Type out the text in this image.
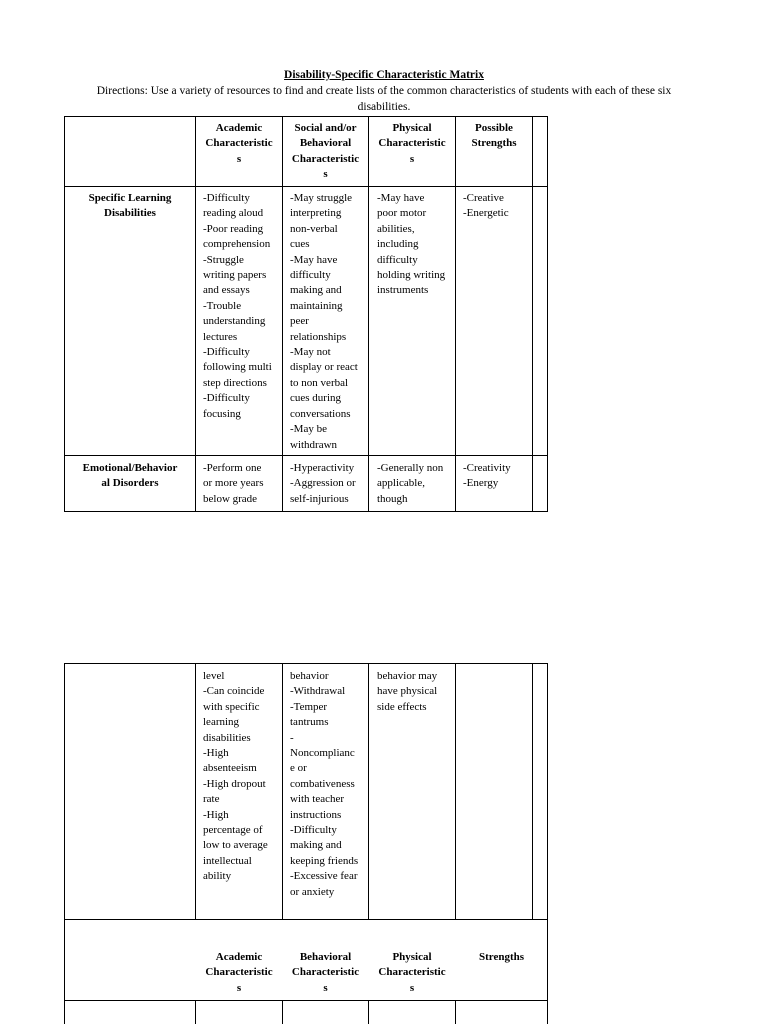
Disability-Specific Characteristic Matrix
Directions: Use a variety of resources to find and create lists of the common characteristics of students with each of these six disabilities.
Academic
Characteristic
s
Social and/or
Behavioral
Characteristic
s
Physical
Characteristic
s
Possible
Strengths
Specific Learning
Disabilities
-Difficulty
reading aloud
-Poor reading
comprehension
-Struggle
writing papers
and essays
-Trouble
understanding
lectures
-Difficulty
following multi
step directions
-Difficulty
focusing
-May struggle
interpreting
non-verbal
cues
-May have
difficulty
making and
maintaining
peer
relationships
-May not
display or react
to non verbal
cues during
conversations
-May be
withdrawn
-May have
poor motor
abilities,
including
difficulty
holding writing
instruments
-Creative
-Energetic
Emotional/Behavior
al Disorders
-Perform one
or more years
below grade
-Hyperactivity
-Aggression or
self-injurious
-Generally non
applicable,
though
-Creativity
-Energy
level
-Can coincide
with specific
learning
disabilities
-High
absenteeism
-High dropout
rate
-High
percentage of
low to average
intellectual
ability
behavior
-Withdrawal
-Temper
tantrums
-
Noncomplianc
e or
combativeness
with teacher
instructions
-Difficulty
making and
keeping friends
-Excessive fear
or anxiety
behavior may
have physical
side effects
Academic
Characteristic
s
Behavioral
Characteristic
s
Physical
Characteristic
s
Strengths
